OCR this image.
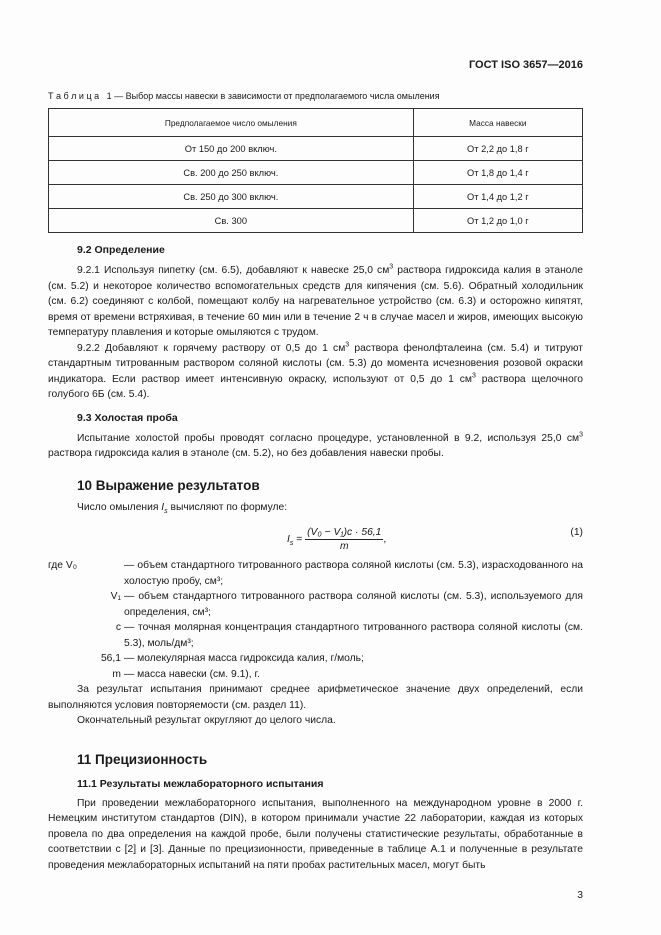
ГОСТ ISO 3657—2016
Т а б л и ц а   1 — Выбор массы навески в зависимости от предполагаемого числа омыления
Предполагаемое число омыления	Масса навески
От 150 до 200 включ.	От 2,2 до 1,8 г
Св. 200 до 250 включ.	От 1,8 до 1,4 г
Св. 250 до 300 включ.	От 1,4 до 1,2 г
Св. 300	От 1,2 до 1,0 г
9.2 Определение

9.2.1 Используя пипетку (см. 6.5), добавляют к навеске 25,0 $см^3$ раствора гидроксида калия в этаноле (см. 5.2) и некоторое количество вспомогательных средств для кипячения (см. 5.6). Обратный холодильник (см. 6.2) соединяют с колбой, помещают колбу на нагревательное устройство (см. 6.3) и осторожно кипятят, время от времени встряхивая, в течение 60 мин или в течение 2 ч в случае масел и жиров, имеющих высокую температуру плавления и которые омыляются с трудом.

9.2.2 Добавляют к горячему раствору от 0,5 до 1 $см^3$ раствора фенолфталеина (см. 5.4) и титруют стандартным титрованным раствором соляной кислоты (см. 5.3) до момента исчезновения розовой окраски индикатора. Если раствор имеет интенсивную окраску, используют от 0,5 до 1 $см^3$ раствора щелочного голубого 6Б (см. 5.4).

9.3 Холостая проба
Испытание холостой пробы проводят согласно процедуре, установленной в 9.2, используя 25,0 $см^3$ раствора гидроксида калия в этаноле (см. 5.2), но без добавления навески пробы.
10 Выражение результатов
Число омыления $I_s$ вычисляют по формуле:
$I_s = \frac{\text{(V₀ − V₁)c · 56,1}}{m}$ ,
(1)
где V₀	— объем стандартного титрованного раствора соляной кислоты (см. 5.3), израсходованного на холостую пробу, см³;
V₁ — объем стандартного титрованного раствора соляной кислоты (см. 5.3), используемого для определения, см³;
c — точная молярная концентрация стандартного титрованного раствора соляной кислоты (см. 5.3), моль/дм³;
56,1 — молекулярная масса гидроксида калия, г/моль;
m — масса навески (см. 9.1), г.

За результат испытания принимают среднее арифметическое значение двух определений, если выполняются условия повторяемости (см. раздел 11).

Окончательный результат округляют до целого числа.

11 Прецизионность
11.1 Результаты межлабораторного испытания
При проведении межлабораторного испытания, выполненного на международном уровне в 2000 г. Немецким институтом стандартов (DIN), в котором принимали участие 22 лаборатории, каждая из которых провела по два определения на каждой пробе, были получены статистические результаты, обработанные в соответствии с [2] и [3]. Данные по прецизионности, приведенные в таблице А.1 и полученные в результате проведения межлабораторных испытаний на пяти пробах растительных масел, могут быть
3
